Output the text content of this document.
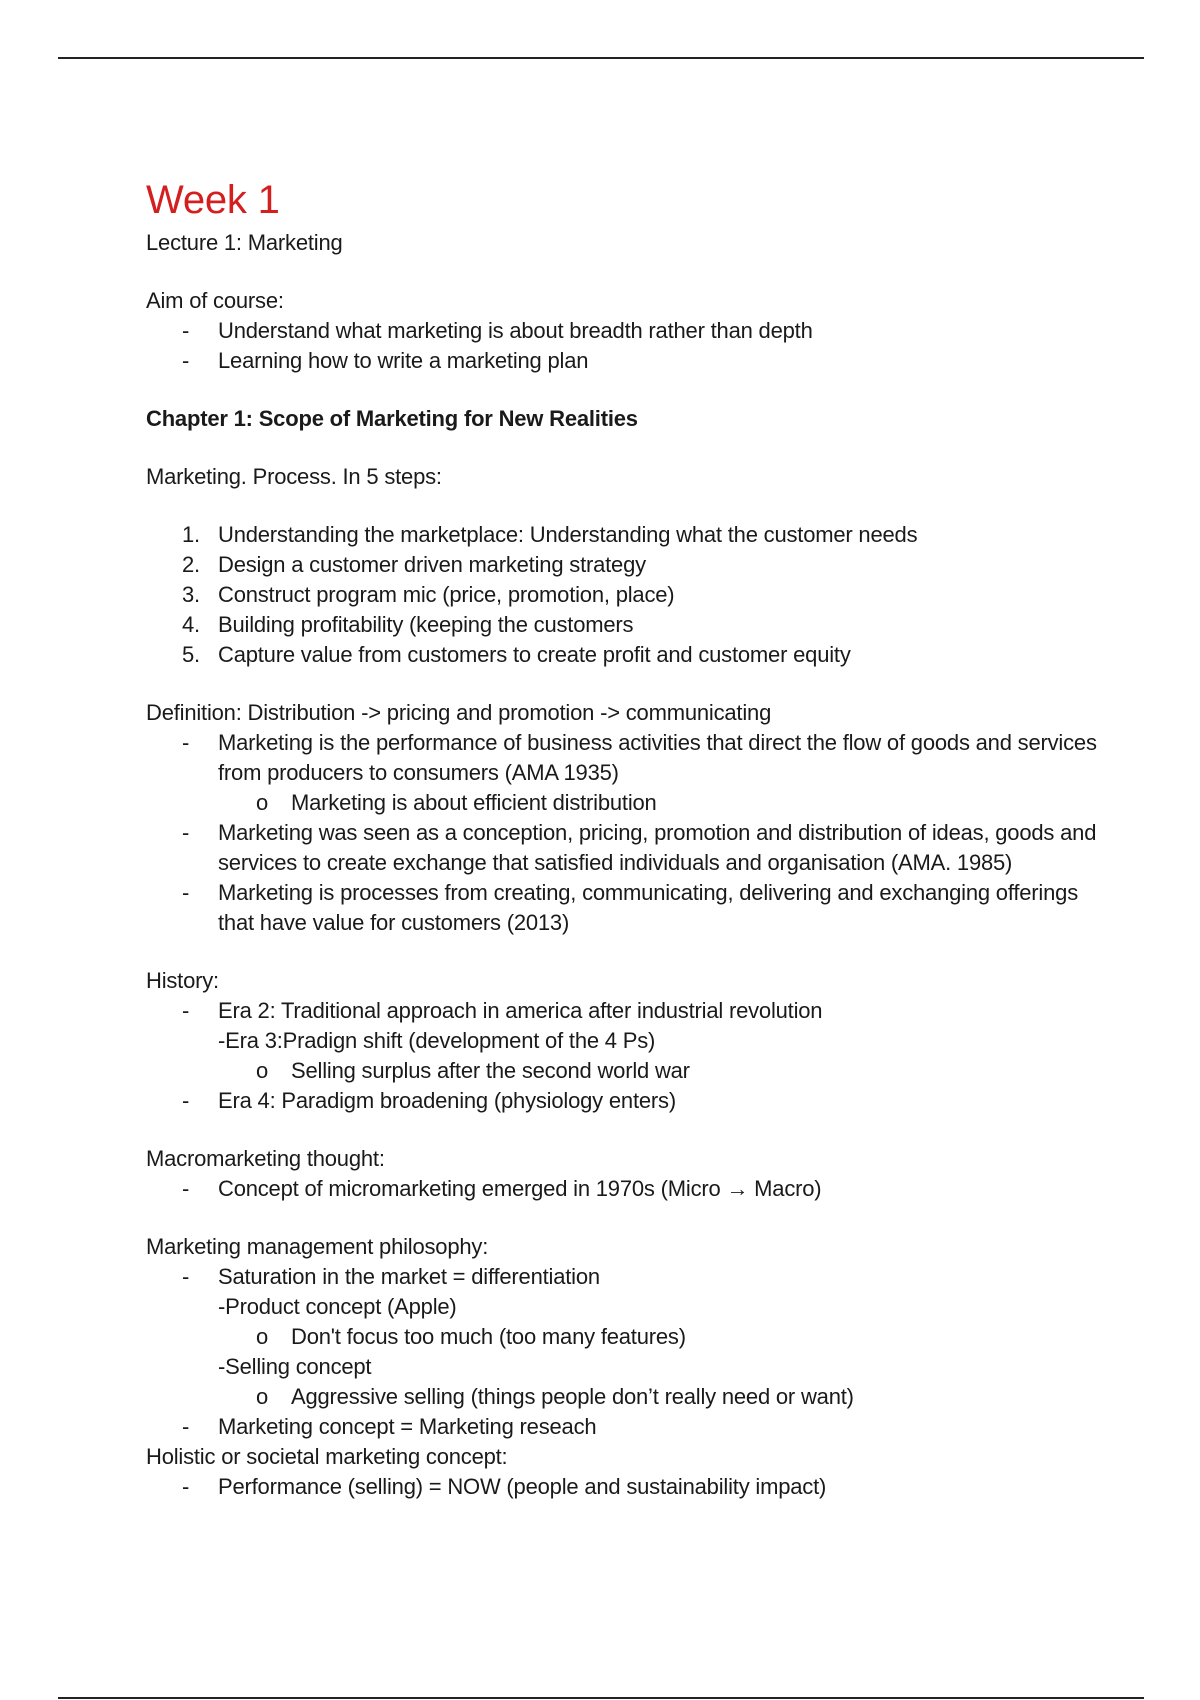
Week 1

Lecture 1: Marketing

Aim of course:

- Understand what marketing is about breadth rather than depth
- Learning how to write a marketing plan

Chapter 1: Scope of Marketing for New Realities

Marketing. Process. In 5 steps:

1. Understanding the marketplace: Understanding what the customer needs
2. Design a customer driven marketing strategy
3. Construct program mic (price, promotion, place)
4. Building profitability (keeping the customers
5. Capture value from customers to create profit and customer equity

Definition: Distribution -> pricing and promotion -> communicating

- Marketing is the performance of business activities that direct the flow of goods and services from producers to consumers (AMA 1935)
o Marketing is about efficient distribution
- Marketing was seen as a conception, pricing, promotion and distribution of ideas, goods and services to create exchange that satisfied individuals and organisation (AMA. 1985)
- Marketing is processes from creating, communicating, delivering and exchanging offerings that have value for customers (2013)

History:

- Era 2: Traditional approach in america after industrial revolution
-Era 3:Pradign shift (development of the 4 Ps)
o Selling surplus after the second world war
- Era 4: Paradigm broadening (physiology enters)

Macromarketing thought:

- Concept of micromarketing emerged in 1970s (Micro → Macro)

Marketing management philosophy:

- Saturation in the market = differentiation
-Product concept (Apple)
o Don't focus too much (too many features)
-Selling concept
o Aggressive selling (things people don’t really need or want)
- Marketing concept = Marketing reseach

Holistic or societal marketing concept:

- Performance (selling) = NOW (people and sustainability impact)
